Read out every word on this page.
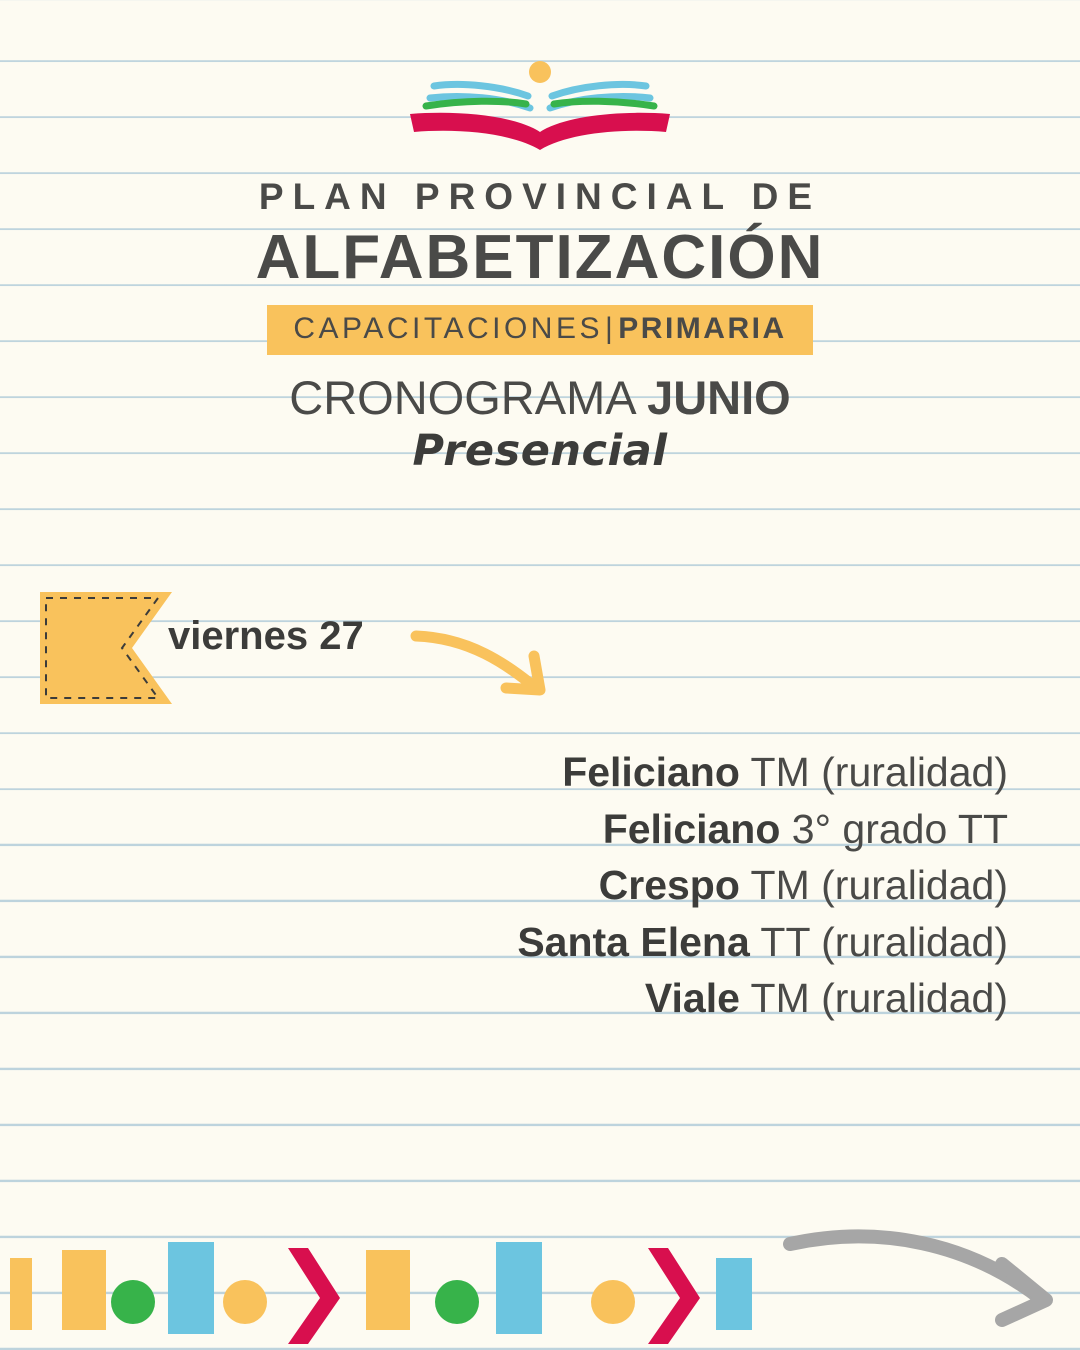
PLAN PROVINCIAL DE
ALFABETIZACIÓN
CAPACITACIONES|PRIMARIA
CRONOGRAMA JUNIO
Presencial
viernes 27
Feliciano TM (ruralidad)
Feliciano 3° grado TT
Crespo TM (ruralidad)
Santa Elena TT (ruralidad)
Viale TM (ruralidad)
